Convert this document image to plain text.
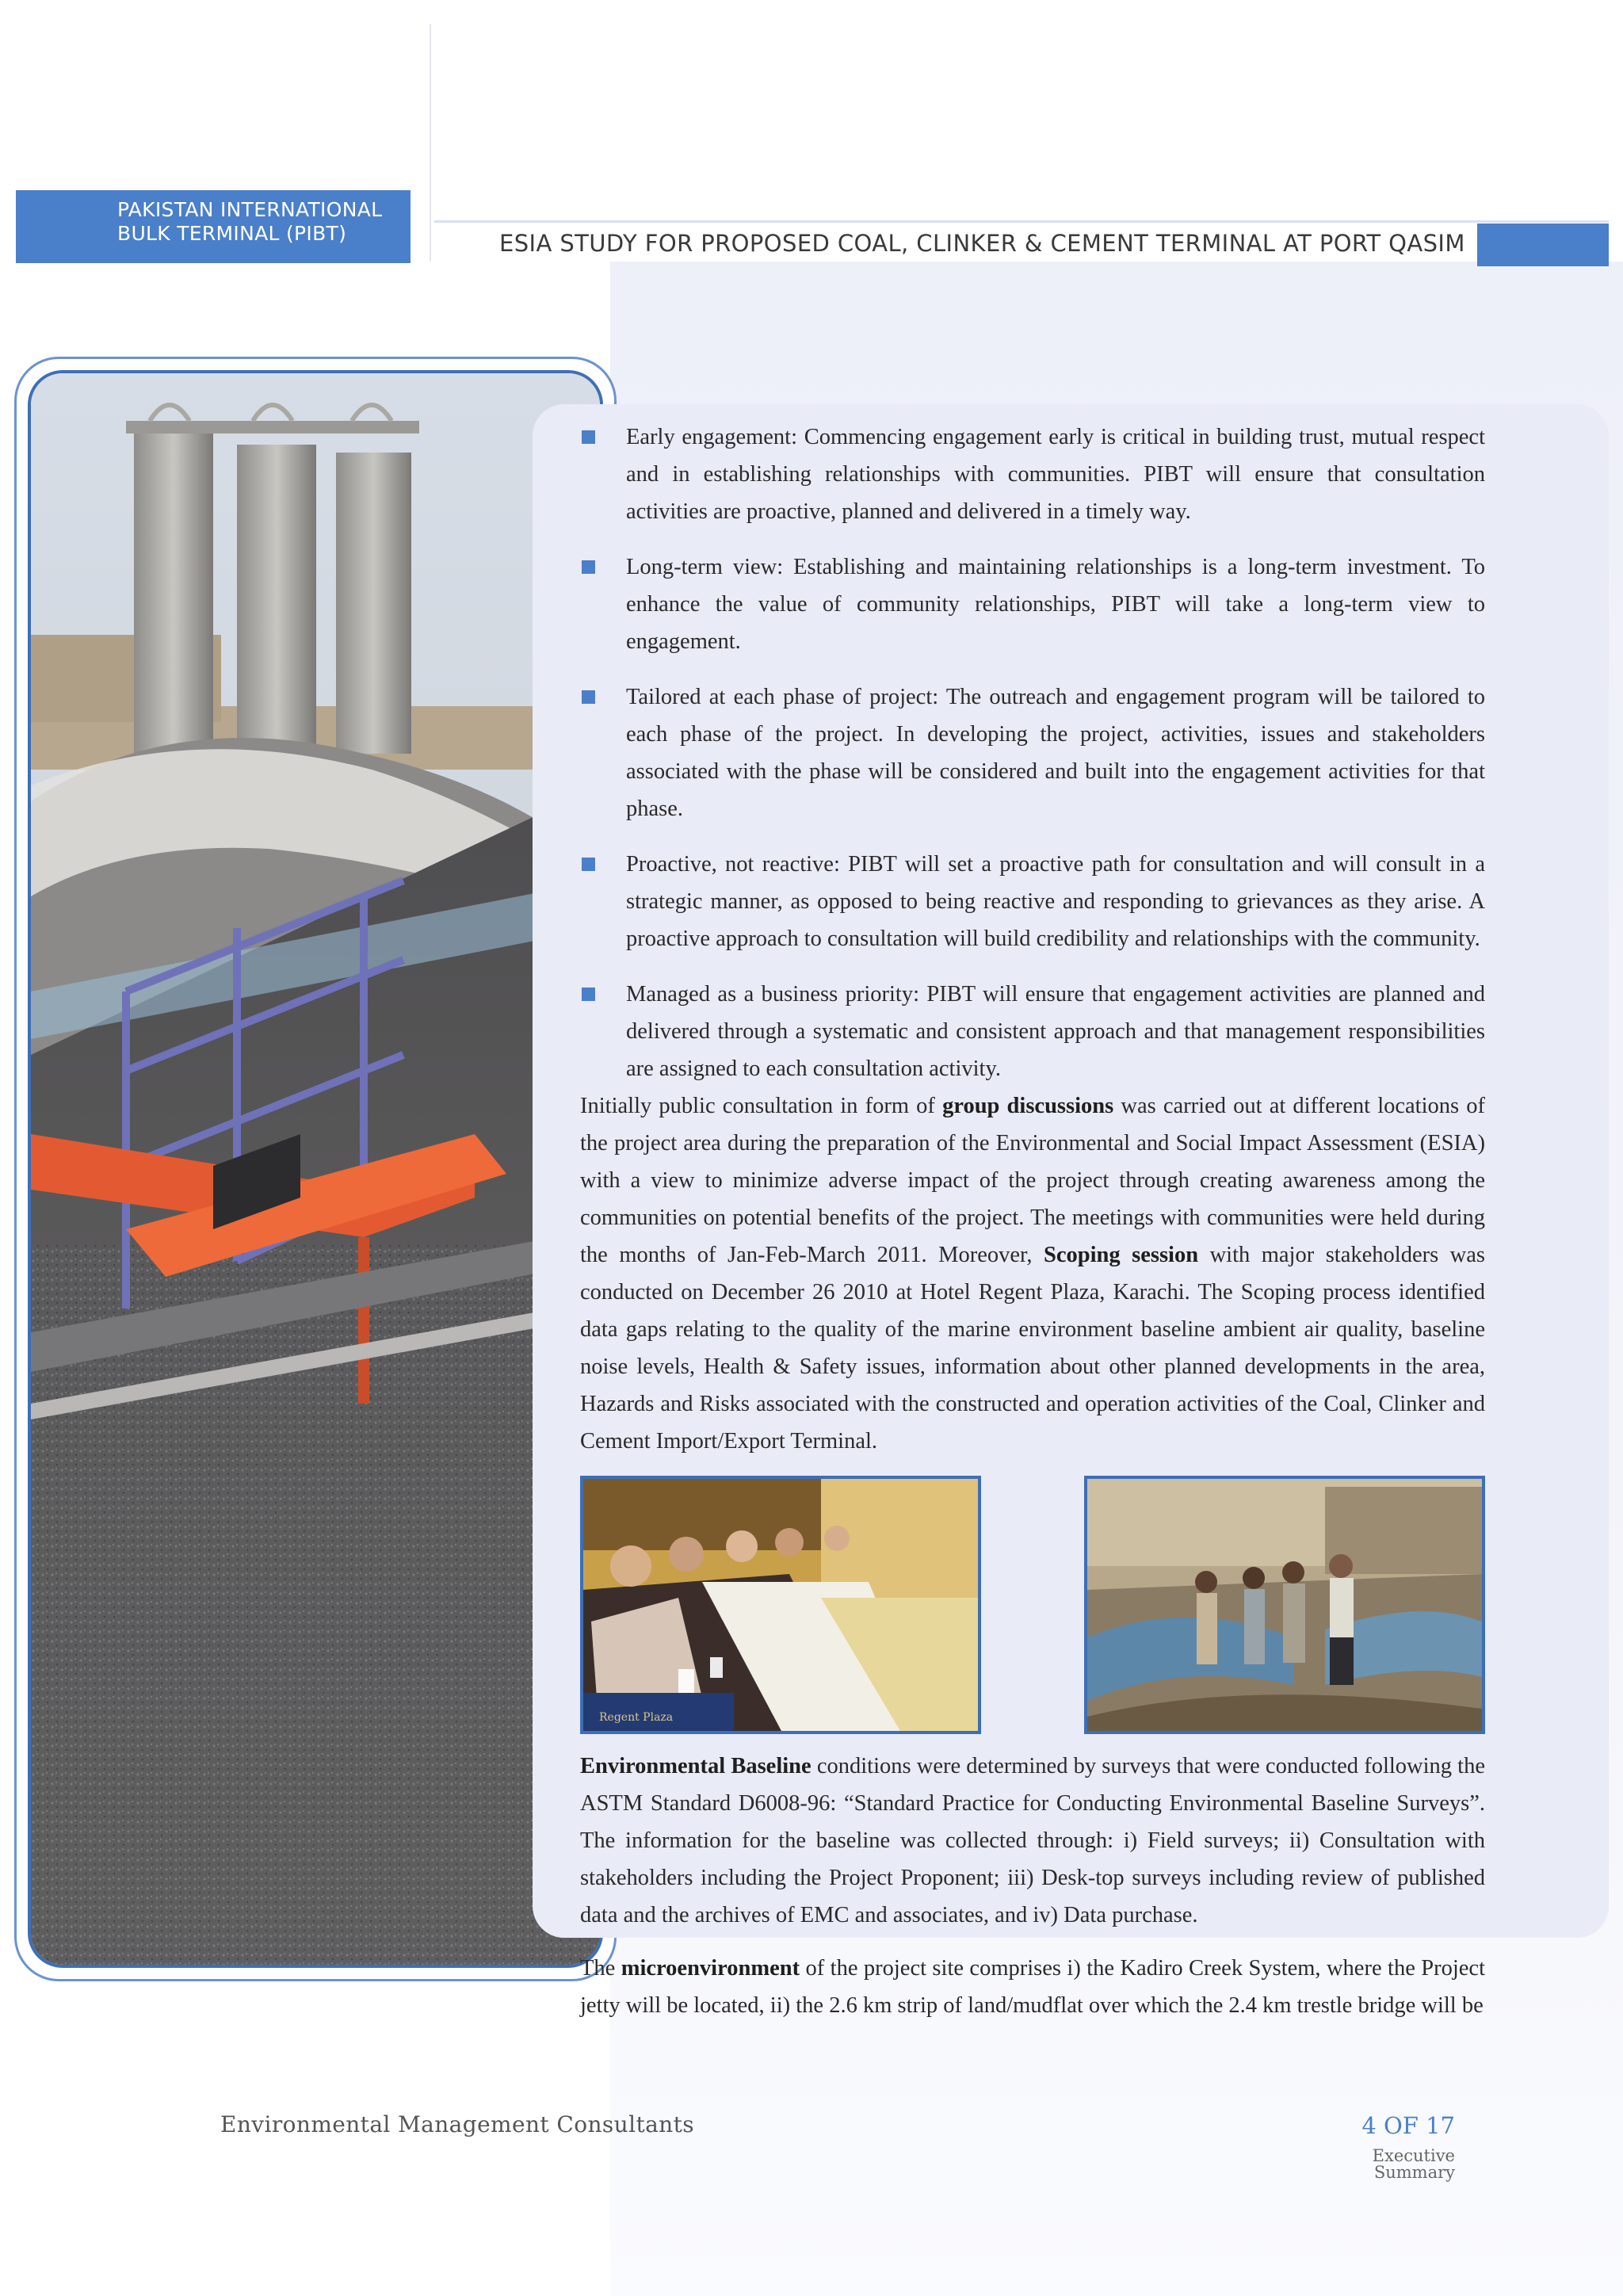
PAKISTAN INTERNATIONAL BULK TERMINAL (PIBT)	ESIA STUDY FOR PROPOSED COAL, CLINKER & CEMENT TERMINAL AT PORT QASIM
Early engagement: Commencing engagement early is critical in building trust, mutual respect and in establishing relationships with communities. PIBT will ensure that consultation activities are proactive, planned and delivered in a timely way.
Long-term view: Establishing and maintaining relationships is a long-term investment. To enhance the value of community relationships, PIBT will take a long-term view to engagement.
Tailored at each phase of project: The outreach and engagement program will be tailored to each phase of the project. In developing the project, activities, issues and stakeholders associated with the phase will be considered and built into the engagement activities for that phase.
Proactive, not reactive: PIBT will set a proactive path for consultation and will consult in a strategic manner, as opposed to being reactive and responding to grievances as they arise. A proactive approach to consultation will build credibility and relationships with the community.
Managed as a business priority: PIBT will ensure that engagement activities are planned and delivered through a systematic and consistent approach and that management responsibilities are assigned to each consultation activity.

Initially public consultation in form of group discussions was carried out at different locations of the project area during the preparation of the Environmental and Social Impact Assessment (ESIA) with a view to minimize adverse impact of the project through creating awareness among the communities on potential benefits of the project. The meetings with communities were held during the months of Jan-Feb-March 2011. Moreover, Scoping session with major stakeholders was conducted on December 26 2010 at Hotel Regent Plaza, Karachi. The Scoping process identified data gaps relating to the quality of the marine environment baseline ambient air quality, baseline noise levels, Health & Safety issues, information about other planned developments in the area, Hazards and Risks associated with the constructed and operation activities of the Coal, Clinker and Cement Import/Export Terminal.

Regent Plaza

Environmental Baseline conditions were determined by surveys that were conducted following the ASTM Standard D6008-96: “Standard Practice for Conducting Environmental Baseline Surveys”. The information for the baseline was collected through: i) Field surveys; ii) Consultation with stakeholders including the Project Proponent; iii) Desk-top surveys including review of published data and the archives of EMC and associates, and iv) Data purchase.

The microenvironment of the project site comprises i) the Kadiro Creek System, where the Project jetty will be located, ii) the 2.6 km strip of land/mudflat over which the 2.4 km trestle bridge will be

Environmental Management Consultants	4 OF 17
Executive
Summary
